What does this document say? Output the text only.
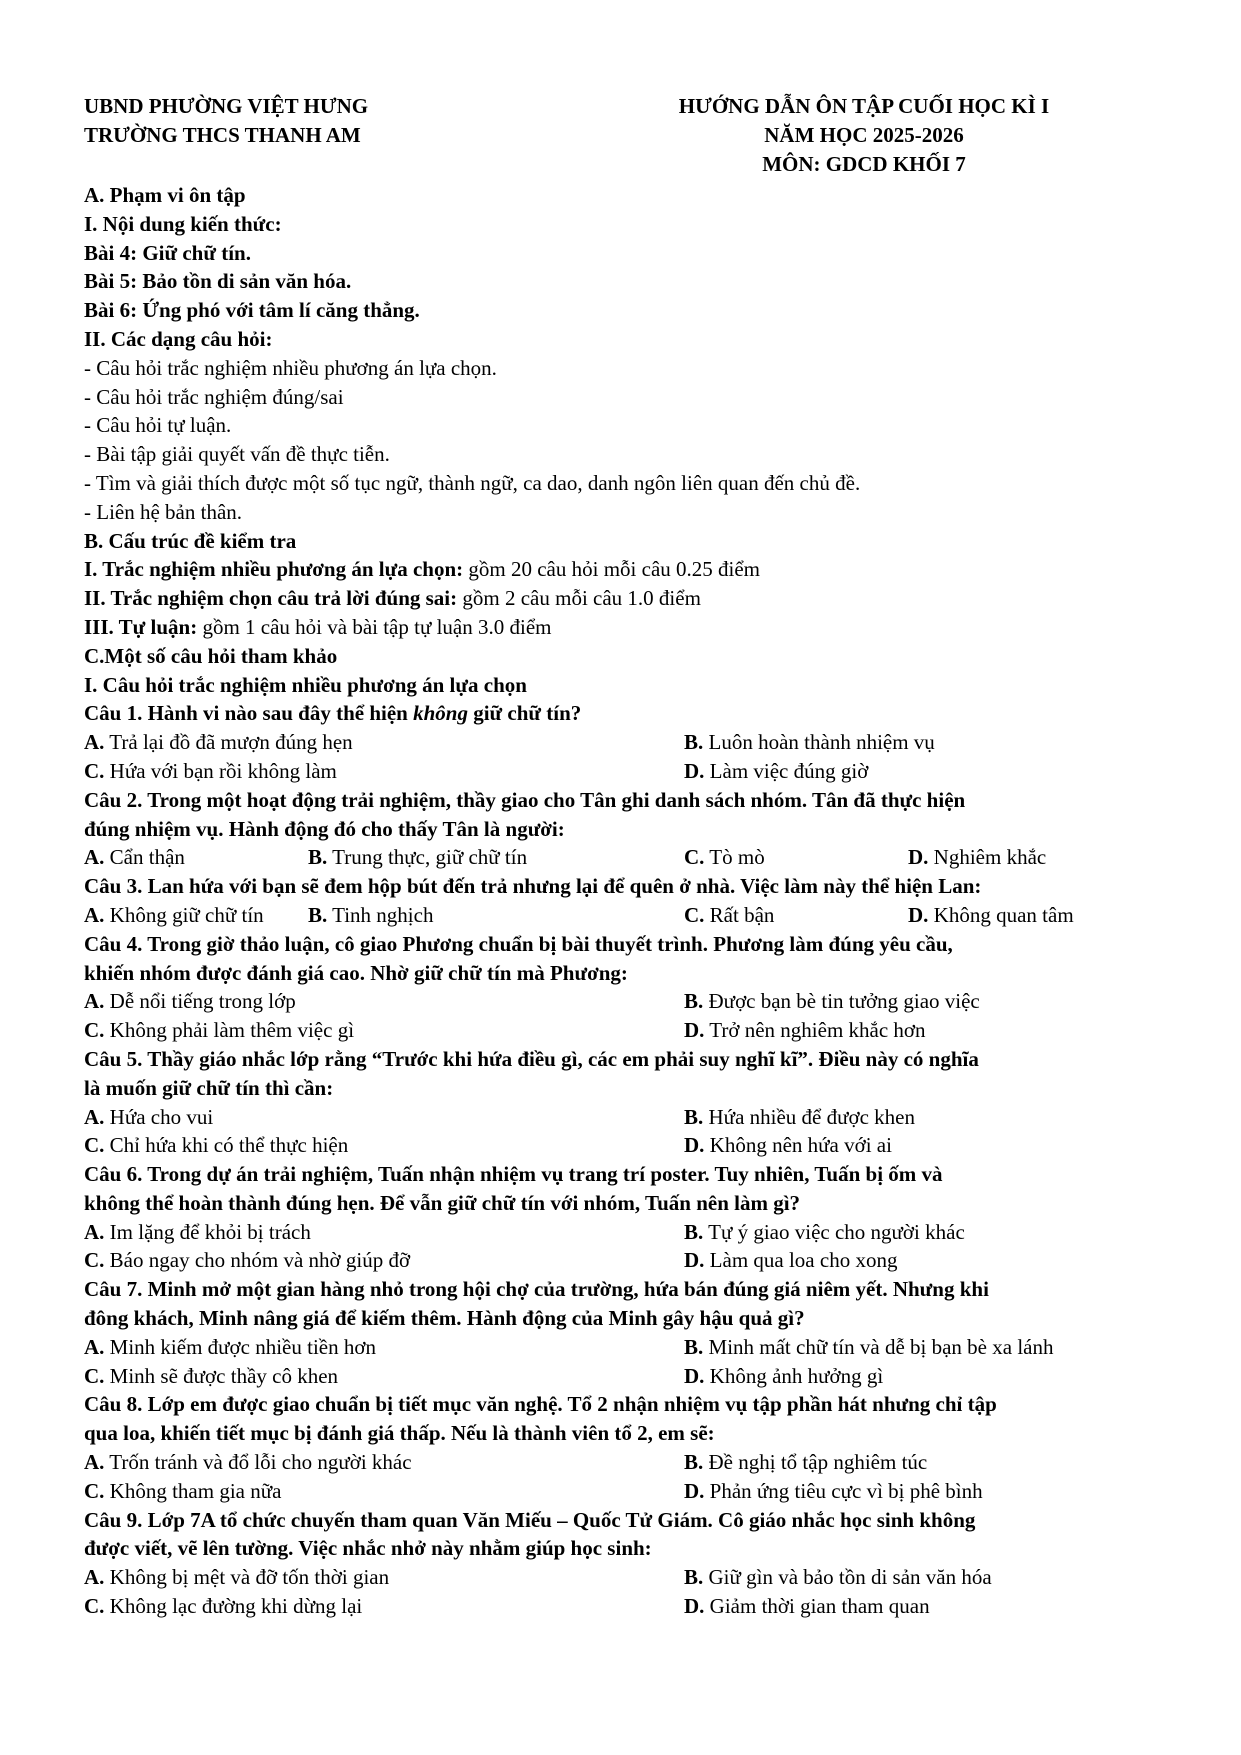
UBND PHƯỜNG VIỆT HƯNG
TRƯỜNG THCS THANH AM
HƯỚNG DẪN ÔN TẬP CUỐI HỌC KÌ I
NĂM HỌC 2025-2026
MÔN: GDCD KHỐI 7
A. Phạm vi ôn tập
I. Nội dung kiến thức:
Bài 4: Giữ chữ tín.
Bài 5: Bảo tồn di sản văn hóa.
Bài 6: Ứng phó với tâm lí căng thẳng.
II. Các dạng câu hỏi:
- Câu hỏi trắc nghiệm nhiều phương án lựa chọn.
- Câu hỏi trắc nghiệm đúng/sai
- Câu hỏi tự luận.
- Bài tập giải quyết vấn đề thực tiễn.
- Tìm và giải thích được một số tục ngữ, thành ngữ, ca dao, danh ngôn liên quan đến chủ đề.
- Liên hệ bản thân.
B. Cấu trúc đề kiểm tra
I. Trắc nghiệm nhiều phương án lựa chọn: gồm 20 câu hỏi mỗi câu 0.25 điểm
II. Trắc nghiệm chọn câu trả lời đúng sai: gồm 2 câu mỗi câu 1.0 điểm
III. Tự luận: gồm 1 câu hỏi và bài tập tự luận 3.0 điểm
C.Một số câu hỏi tham khảo
I. Câu hỏi trắc nghiệm nhiều phương án lựa chọn
Câu 1. Hành vi nào sau đây thể hiện không giữ chữ tín?
A. Trả lại đồ đã mượn đúng hẹn	B. Luôn hoàn thành nhiệm vụ
C. Hứa với bạn rồi không làm	D. Làm việc đúng giờ
Câu 2. Trong một hoạt động trải nghiệm, thầy giao cho Tân ghi danh sách nhóm. Tân đã thực hiện
đúng nhiệm vụ. Hành động đó cho thấy Tân là người:
A. Cẩn thận	B. Trung thực, giữ chữ tín	C. Tò mò	D. Nghiêm khắc
Câu 3. Lan hứa với bạn sẽ đem hộp bút đến trả nhưng lại để quên ở nhà. Việc làm này thể hiện Lan:
A. Không giữ chữ tín	B. Tinh nghịch	C. Rất bận	D. Không quan tâm
Câu 4. Trong giờ thảo luận, cô giao Phương chuẩn bị bài thuyết trình. Phương làm đúng yêu cầu,
khiến nhóm được đánh giá cao. Nhờ giữ chữ tín mà Phương:
A. Dễ nổi tiếng trong lớp	B. Được bạn bè tin tưởng giao việc
C. Không phải làm thêm việc gì	D. Trở nên nghiêm khắc hơn
Câu 5. Thầy giáo nhắc lớp rằng “Trước khi hứa điều gì, các em phải suy nghĩ kĩ”. Điều này có nghĩa
là muốn giữ chữ tín thì cần:
A. Hứa cho vui	B. Hứa nhiều để được khen
C. Chỉ hứa khi có thể thực hiện	D. Không nên hứa với ai
Câu 6. Trong dự án trải nghiệm, Tuấn nhận nhiệm vụ trang trí poster. Tuy nhiên, Tuấn bị ốm và
không thể hoàn thành đúng hẹn. Để vẫn giữ chữ tín với nhóm, Tuấn nên làm gì?
A. Im lặng để khỏi bị trách	B. Tự ý giao việc cho người khác
C. Báo ngay cho nhóm và nhờ giúp đỡ	D. Làm qua loa cho xong
Câu 7. Minh mở một gian hàng nhỏ trong hội chợ của trường, hứa bán đúng giá niêm yết. Nhưng khi
đông khách, Minh nâng giá để kiếm thêm. Hành động của Minh gây hậu quả gì?
A. Minh kiếm được nhiều tiền hơn	B. Minh mất chữ tín và dễ bị bạn bè xa lánh
C. Minh sẽ được thầy cô khen	D. Không ảnh hưởng gì
Câu 8. Lớp em được giao chuẩn bị tiết mục văn nghệ. Tổ 2 nhận nhiệm vụ tập phần hát nhưng chỉ tập
qua loa, khiến tiết mục bị đánh giá thấp. Nếu là thành viên tổ 2, em sẽ:
A. Trốn tránh và đổ lỗi cho người khác	B. Đề nghị tổ tập nghiêm túc
C. Không tham gia nữa	D. Phản ứng tiêu cực vì bị phê bình
Câu 9. Lớp 7A tổ chức chuyến tham quan Văn Miếu – Quốc Tử Giám. Cô giáo nhắc học sinh không
được viết, vẽ lên tường. Việc nhắc nhở này nhằm giúp học sinh:
A. Không bị mệt và đỡ tốn thời gian	B. Giữ gìn và bảo tồn di sản văn hóa
C. Không lạc đường khi dừng lại	D. Giảm thời gian tham quan
